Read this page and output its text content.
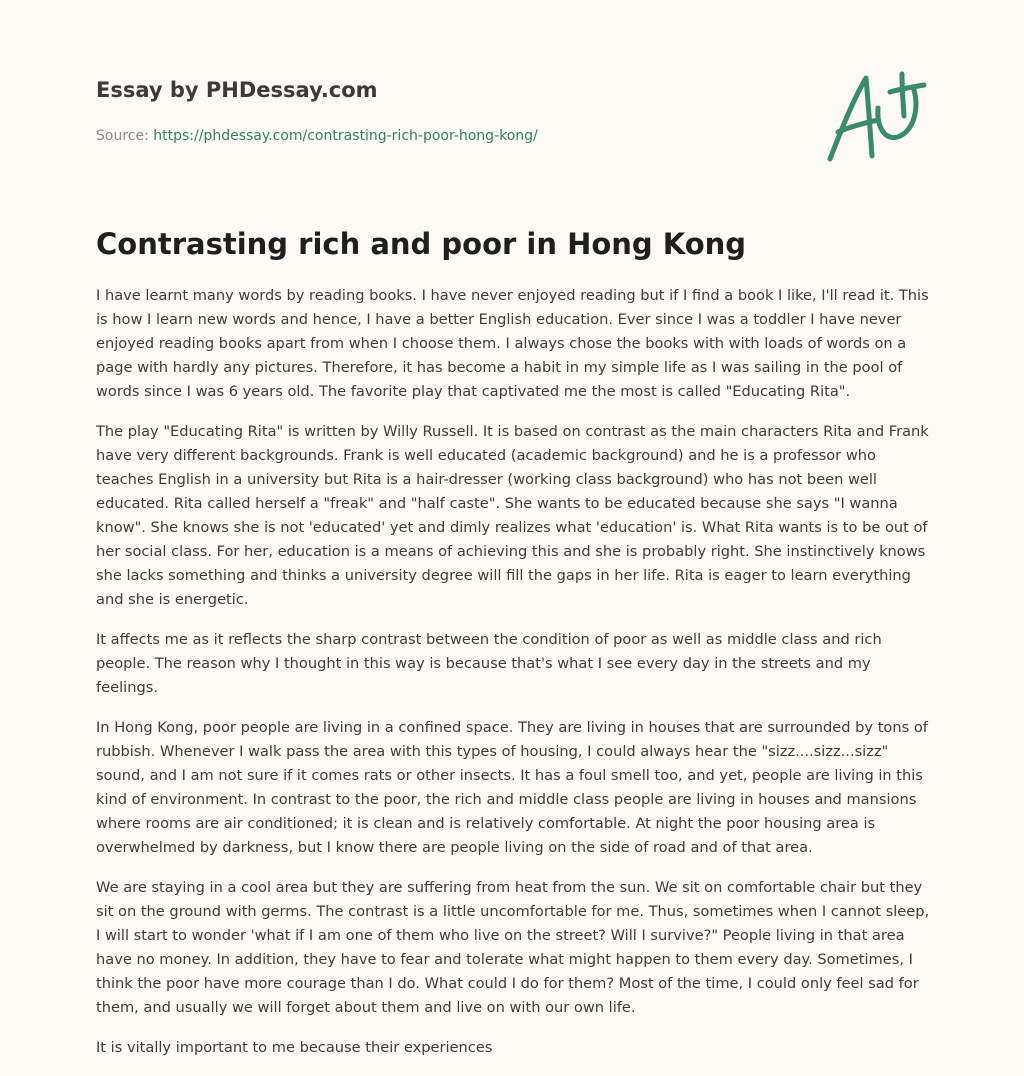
Essay by PHDessay.com
Source: https://phdessay.com/contrasting-rich-poor-hong-kong/
Contrasting rich and poor in Hong Kong

I have learnt many words by reading books. I have never enjoyed reading but if I find a book I like, I'll read it. This is how I learn new words and hence, I have a better English education. Ever since I was a toddler I have never enjoyed reading books apart from when I choose them. I always chose the books with with loads of words on a page with hardly any pictures. Therefore, it has become a habit in my simple life as I was sailing in the pool of words since I was 6 years old. The favorite play that captivated me the most is called "Educating Rita".

The play "Educating Rita" is written by Willy Russell. It is based on contrast as the main characters Rita and Frank have very different backgrounds. Frank is well educated (academic background) and he is a professor who teaches English in a university but Rita is a hair-dresser (working class background) who has not been well educated. Rita called herself a "freak" and "half caste". She wants to be educated because she says "I wanna know". She knows she is not 'educated' yet and dimly realizes what 'education' is. What Rita wants is to be out of her social class. For her, education is a means of achieving this and she is probably right. She instinctively knows she lacks something and thinks a university degree will fill the gaps in her life. Rita is eager to learn everything and she is energetic.

It affects me as it reflects the sharp contrast between the condition of poor as well as middle class and rich people. The reason why I thought in this way is because that's what I see every day in the streets and my feelings.

In Hong Kong, poor people are living in a confined space. They are living in houses that are surrounded by tons of rubbish. Whenever I walk pass the area with this types of housing, I could always hear the "sizz....sizz...sizz" sound, and I am not sure if it comes rats or other insects. It has a foul smell too, and yet, people are living in this kind of environment. In contrast to the poor, the rich and middle class people are living in houses and mansions where rooms are air conditioned; it is clean and is relatively comfortable. At night the poor housing area is overwhelmed by darkness, but I know there are people living on the side of road and of that area.

We are staying in a cool area but they are suffering from heat from the sun. We sit on comfortable chair but they sit on the ground with germs. The contrast is a little uncomfortable for me. Thus, sometimes when I cannot sleep, I will start to wonder 'what if I am one of them who live on the street? Will I survive?" People living in that area have no money. In addition, they have to fear and tolerate what might happen to them every day. Sometimes, I think the poor have more courage than I do. What could I do for them? Most of the time, I could only feel sad for them, and usually we will forget about them and live on with our own life.

It is vitally important to me because their experiences
